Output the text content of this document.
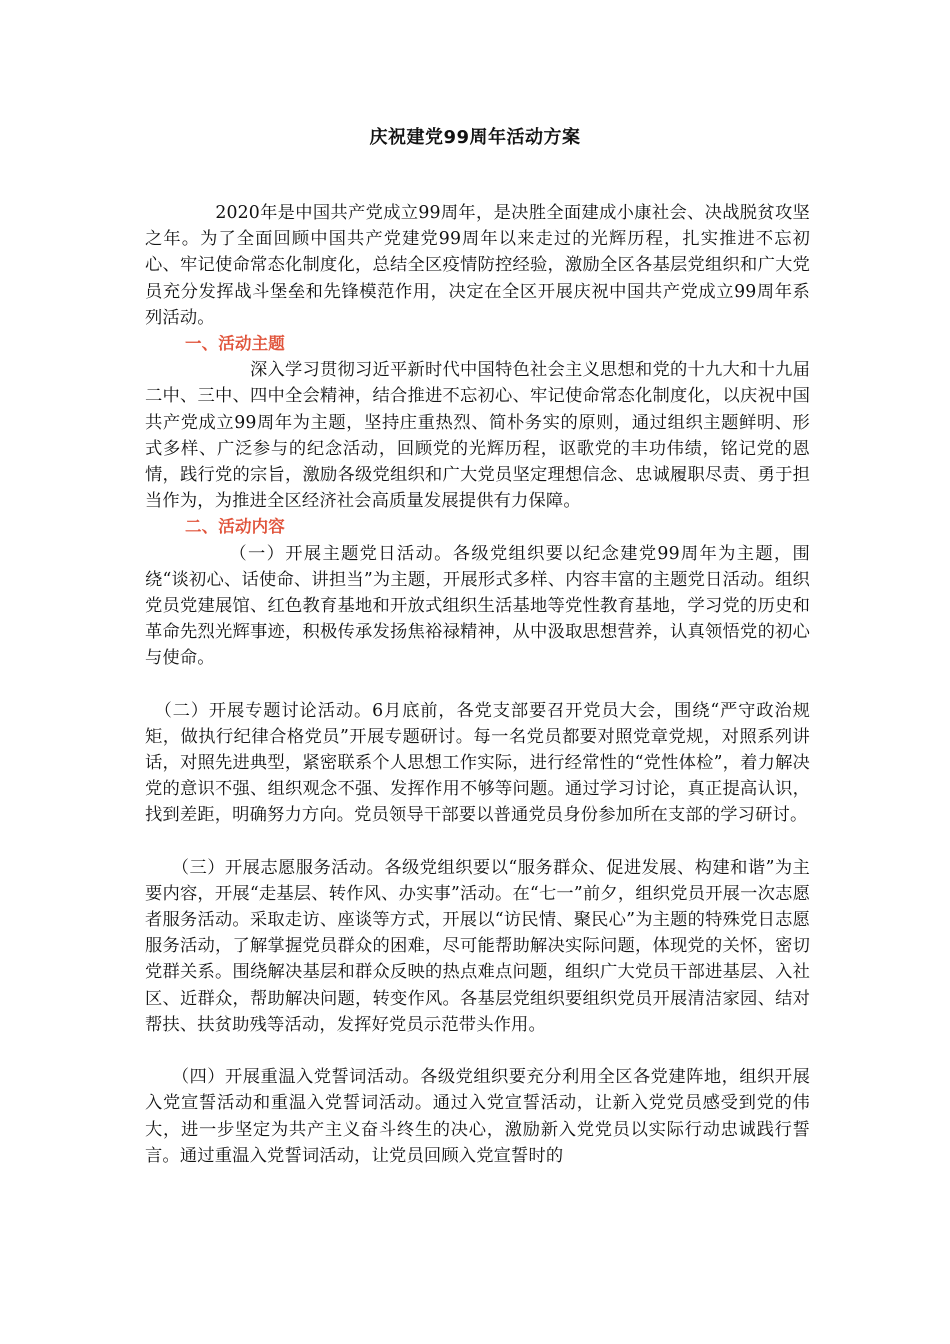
庆祝建党99周年活动方案

　　　　2020年是中国共产党成立99周年，是决胜全面建成小康社会、决战脱贫攻坚之年。为了全面回顾中国共产党建党99周年以来走过的光辉历程，扎实推进不忘初心、牢记使命常态化制度化，总结全区疫情防控经验，激励全区各基层党组织和广大党员充分发挥战斗堡垒和先锋模范作用，决定在全区开展庆祝中国共产党成立99周年系列活动。

一、活动主题

　　　　　　深入学习贯彻习近平新时代中国特色社会主义思想和党的十九大和十九届二中、三中、四中全会精神，结合推进不忘初心、牢记使命常态化制度化，以庆祝中国共产党成立99周年为主题，坚持庄重热烈、简朴务实的原则，通过组织主题鲜明、形式多样、广泛参与的纪念活动，回顾党的光辉历程，讴歌党的丰功伟绩，铭记党的恩情，践行党的宗旨，激励各级党组织和广大党员坚定理想信念、忠诚履职尽责、勇于担当作为，为推进全区经济社会高质量发展提供有力保障。

二、活动内容

　　　　　（一）开展主题党日活动。各级党组织要以纪念建党99周年为主题，围绕“谈初心、话使命、讲担当”为主题，开展形式多样、内容丰富的主题党日活动。组织党员党建展馆、红色教育基地和开放式组织生活基地等党性教育基地，学习党的历史和革命先烈光辉事迹，积极传承发扬焦裕禄精神，从中汲取思想营养，认真领悟党的初心与使命。

　（二）开展专题讨论活动。6月底前，各党支部要召开党员大会，围绕“严守政治规矩，做执行纪律合格党员”开展专题研讨。每一名党员都要对照党章党规，对照系列讲话，对照先进典型，紧密联系个人思想工作实际，进行经常性的“党性体检”，着力解决党的意识不强、组织观念不强、发挥作用不够等问题。通过学习讨论，真正提高认识，找到差距，明确努力方向。党员领导干部要以普通党员身份参加所在支部的学习研讨。

　　（三）开展志愿服务活动。各级党组织要以“服务群众、促进发展、构建和谐”为主要内容，开展“走基层、转作风、办实事”活动。在“七一”前夕，组织党员开展一次志愿者服务活动。采取走访、座谈等方式，开展以“访民情、聚民心”为主题的特殊党日志愿服务活动，了解掌握党员群众的困难，尽可能帮助解决实际问题，体现党的关怀，密切党群关系。围绕解决基层和群众反映的热点难点问题，组织广大党员干部进基层、入社区、近群众，帮助解决问题，转变作风。各基层党组织要组织党员开展清洁家园、结对帮扶、扶贫助残等活动，发挥好党员示范带头作用。

　　（四）开展重温入党誓词活动。各级党组织要充分利用全区各党建阵地，组织开展入党宣誓活动和重温入党誓词活动。通过入党宣誓活动，让新入党党员感受到党的伟大，进一步坚定为共产主义奋斗终生的决心，激励新入党党员以实际行动忠诚践行誓言。通过重温入党誓词活动，让党员回顾入党宣誓时的
